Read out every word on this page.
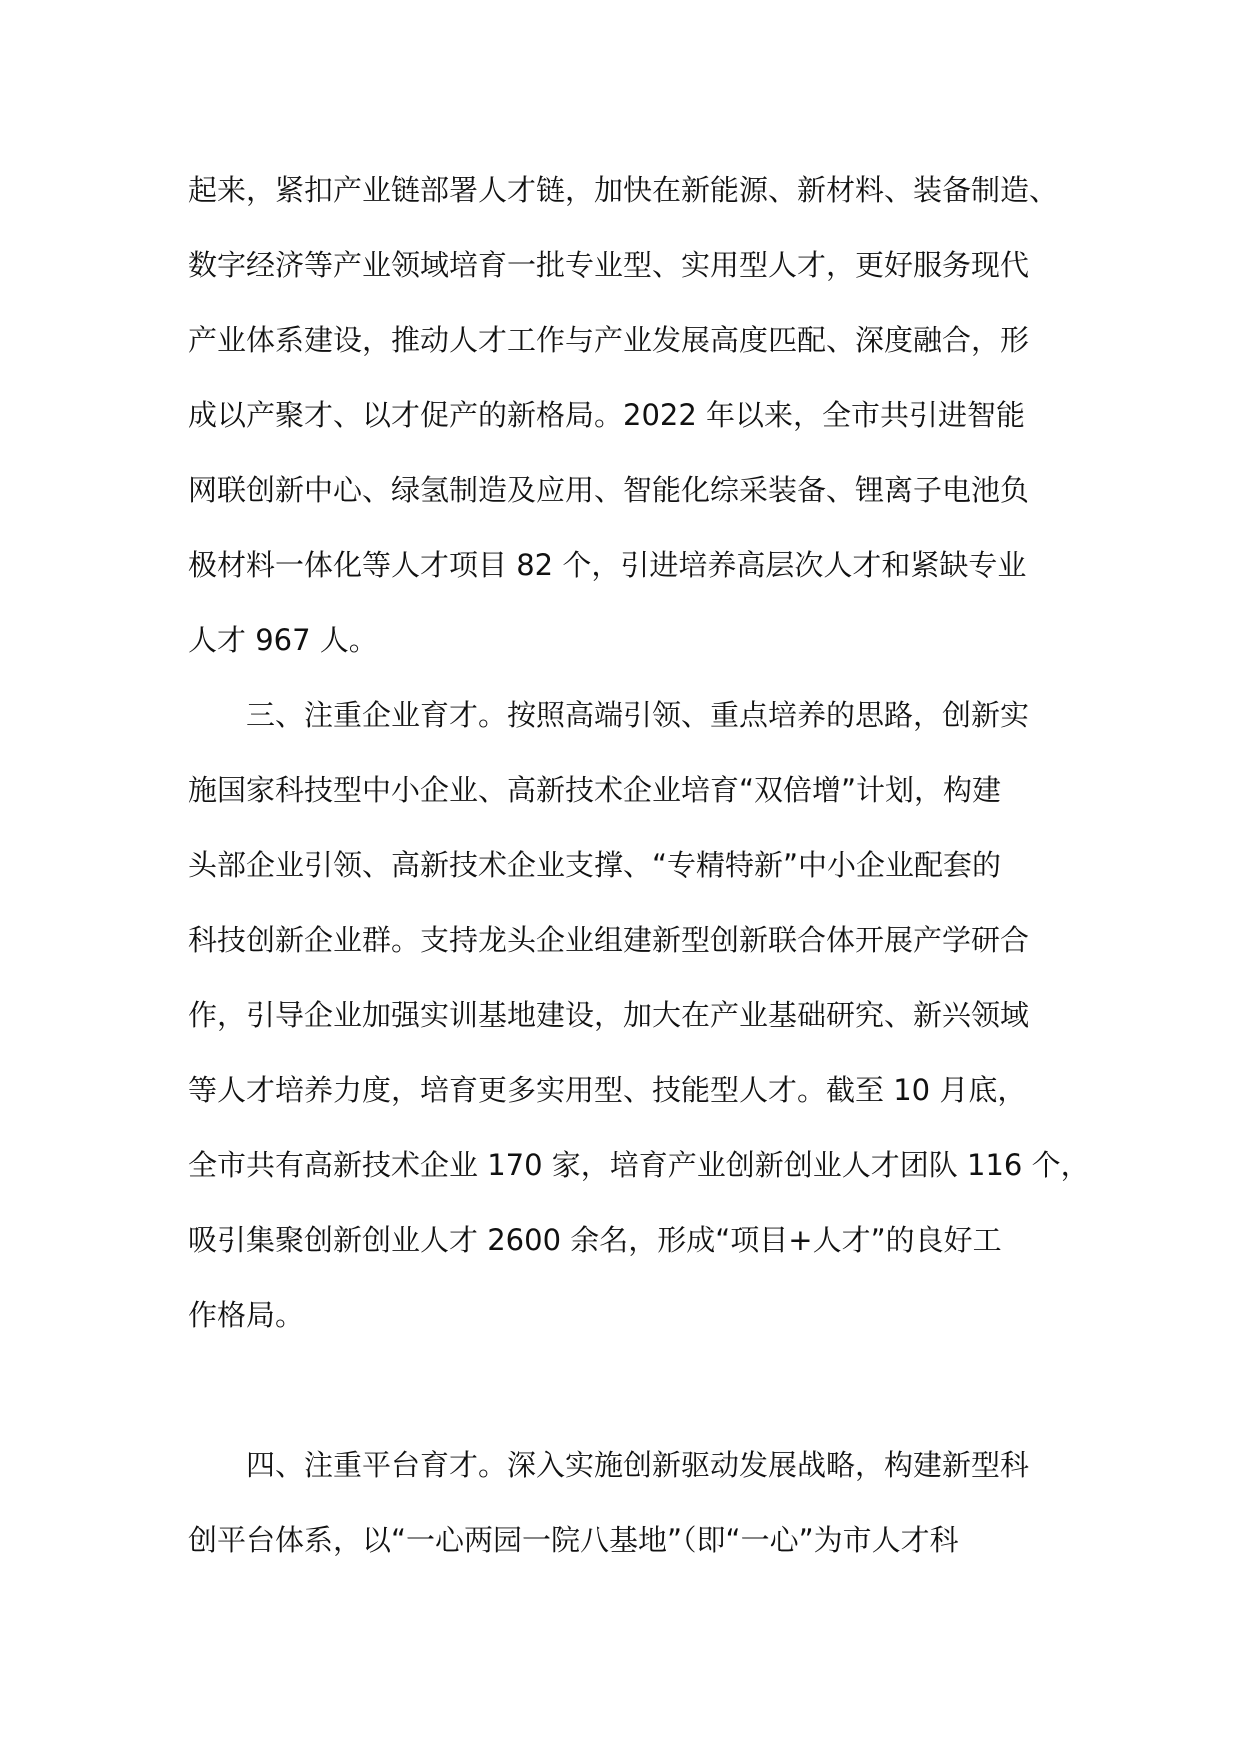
起来，紧扣产业链部署人才链，加快在新能源、新材料、装备制造、
数字经济等产业领域培育一批专业型、实用型人才，更好服务现代
产业体系建设，推动人才工作与产业发展高度匹配、深度融合，形
成以产聚才、以才促产的新格局。2022 年以来，全市共引进智能
网联创新中心、绿氢制造及应用、智能化综采装备、锂离子电池负
极材料一体化等人才项目 82 个，引进培养高层次人才和紧缺专业
人才 967 人。
三、注重企业育才。按照高端引领、重点培养的思路，创新实
施国家科技型中小企业、高新技术企业培育“双倍增”计划，构建
头部企业引领、高新技术企业支撑、“专精特新”中小企业配套的
科技创新企业群。支持龙头企业组建新型创新联合体开展产学研合
作，引导企业加强实训基地建设，加大在产业基础研究、新兴领域
等人才培养力度，培育更多实用型、技能型人才。截至 10 月底，
全市共有高新技术企业 170 家，培育产业创新创业人才团队 116 个，
吸引集聚创新创业人才 2600 余名，形成“项目+人才”的良好工
作格局。
四、注重平台育才。深入实施创新驱动发展战略，构建新型科
创平台体系，以“一心两园一院八基地”（即“一心”为市人才科
